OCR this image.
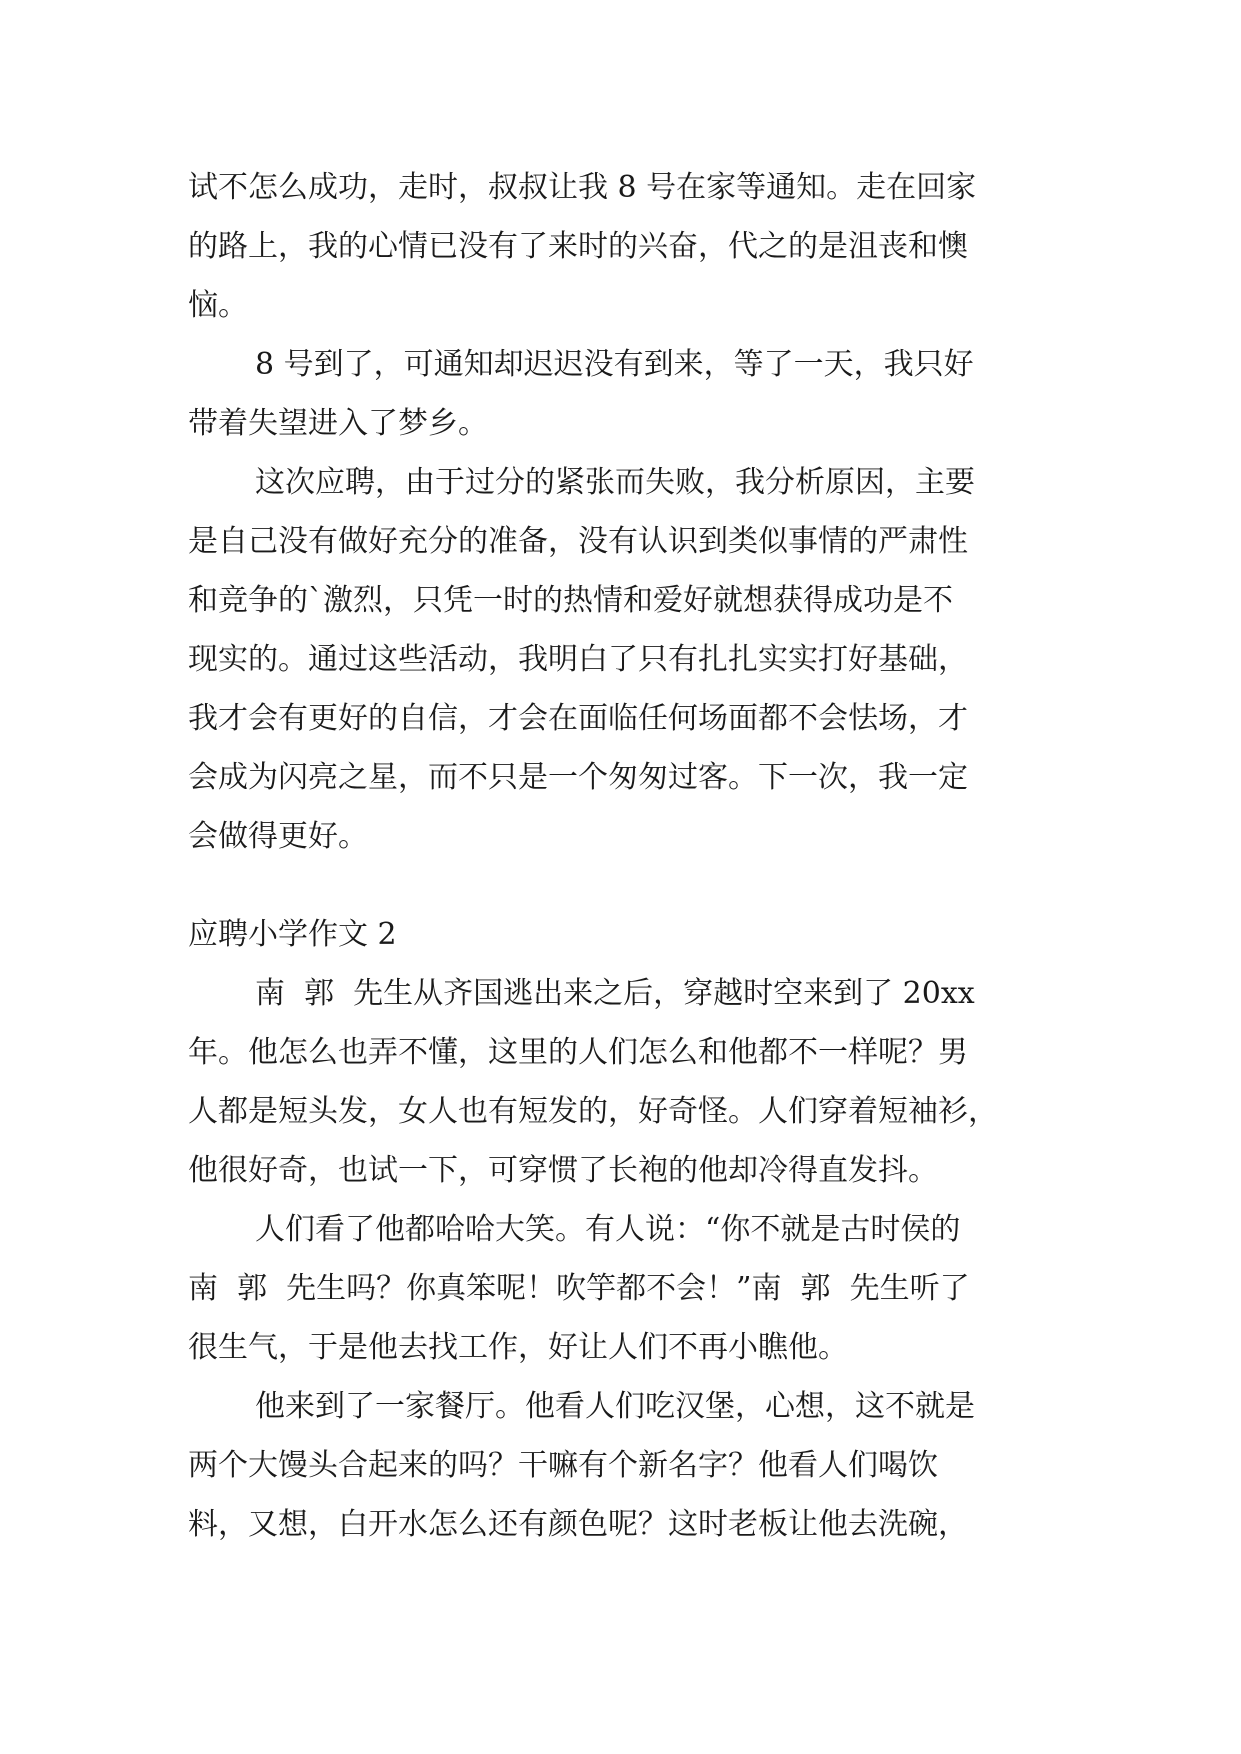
试不怎么成功，走时，叔叔让我 8 号在家等通知。走在回家
的路上，我的心情已没有了来时的兴奋，代之的是沮丧和懊
恼。
8 号到了，可通知却迟迟没有到来，等了一天，我只好
带着失望进入了梦乡。
这次应聘，由于过分的紧张而失败，我分析原因，主要
是自己没有做好充分的准备，没有认识到类似事情的严肃性
和竞争的`激烈，只凭一时的热情和爱好就想获得成功是不
现实的。通过这些活动，我明白了只有扎扎实实打好基础，
我才会有更好的自信，才会在面临任何场面都不会怯场，才
会成为闪亮之星，而不只是一个匆匆过客。下一次，我一定
会做得更好。
应聘小学作文 2
南  郭  先生从齐国逃出来之后，穿越时空来到了 20xx
年。他怎么也弄不懂，这里的人们怎么和他都不一样呢？男
人都是短头发，女人也有短发的，好奇怪。人们穿着短袖衫，
他很好奇，也试一下，可穿惯了长袍的他却冷得直发抖。
人们看了他都哈哈大笑。有人说：“你不就是古时侯的
南  郭  先生吗？你真笨呢！吹竽都不会！”南  郭  先生听了
很生气，于是他去找工作，好让人们不再小瞧他。
他来到了一家餐厅。他看人们吃汉堡，心想，这不就是
两个大馒头合起来的吗？干嘛有个新名字？他看人们喝饮
料，又想，白开水怎么还有颜色呢？这时老板让他去洗碗，
